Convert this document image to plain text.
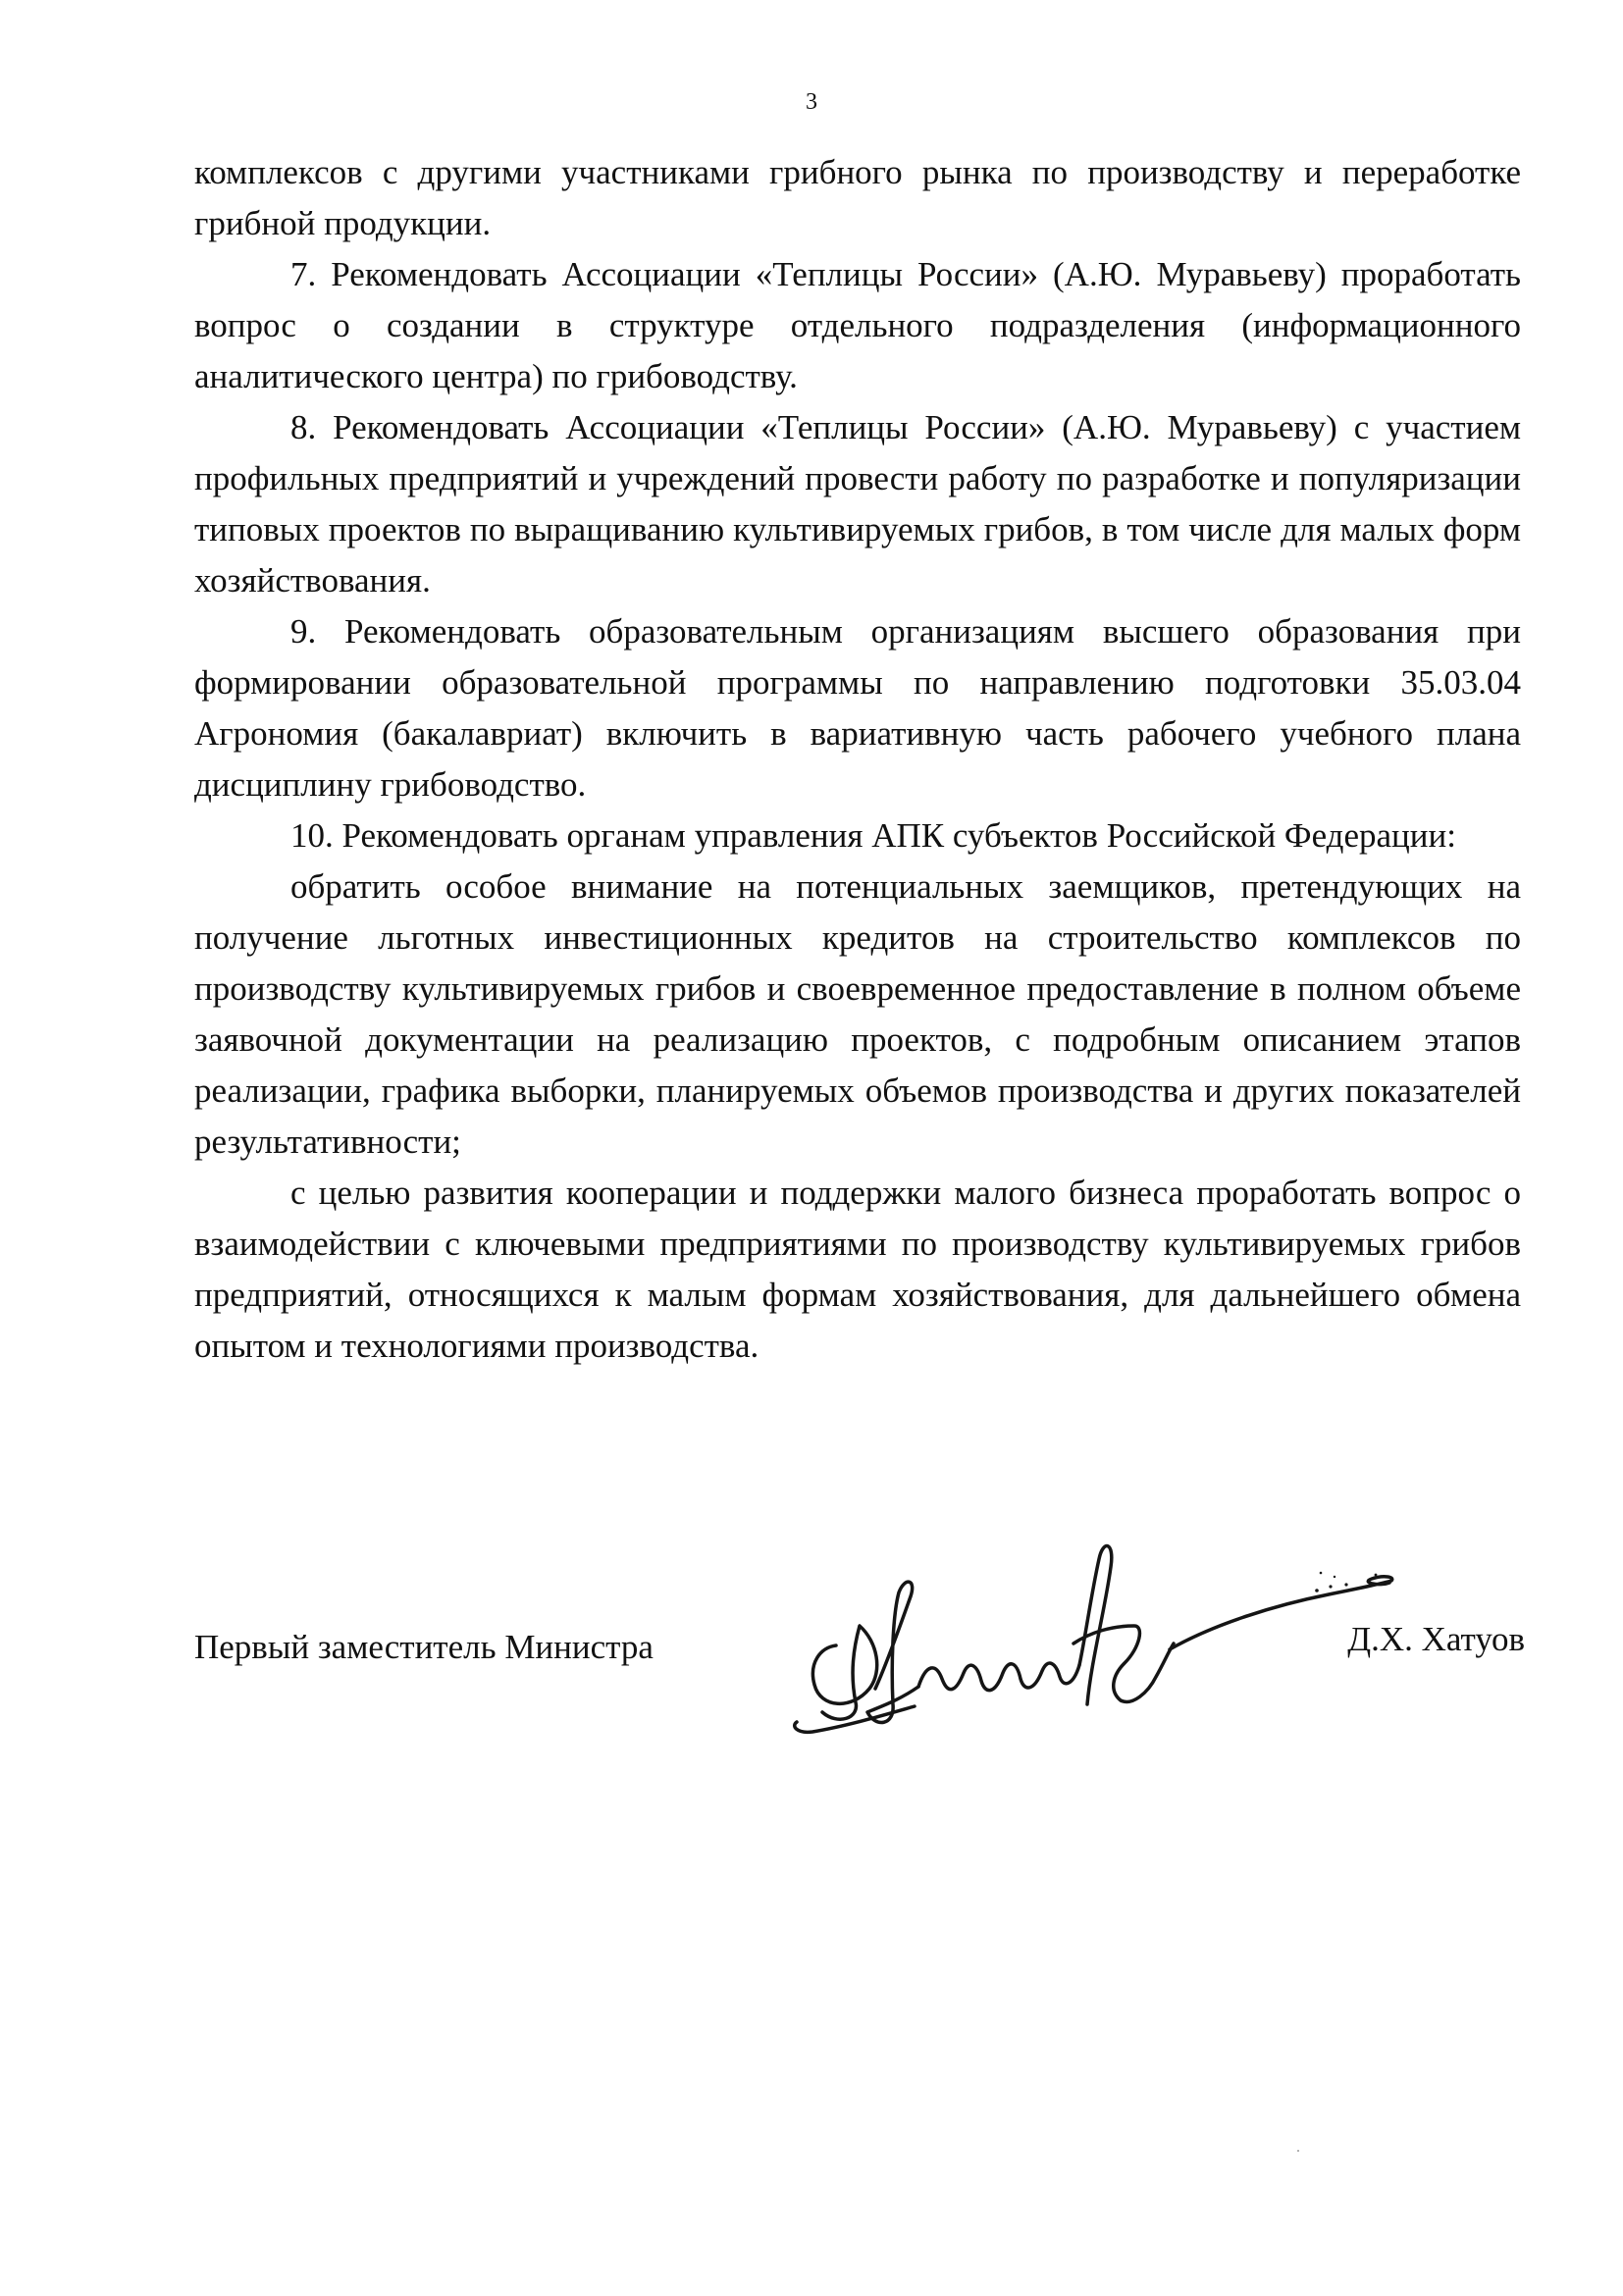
3

комплексов с другими участниками грибного рынка по производству и переработке грибной продукции.

7. Рекомендовать Ассоциации «Теплицы России» (А.Ю. Муравьеву) проработать вопрос о создании в структуре отдельного подразделения (информационного аналитического центра) по грибоводству.

8. Рекомендовать Ассоциации «Теплицы России» (А.Ю. Муравьеву) с участием профильных предприятий и учреждений провести работу по разработке и популяризации типовых проектов по выращиванию культивируемых грибов, в том числе для малых форм хозяйствования.

9. Рекомендовать образовательным организациям высшего образования при формировании образовательной программы по направлению подготовки 35.03.04 Агрономия (бакалавриат) включить в вариативную часть рабочего учебного плана дисциплину грибоводство.

10. Рекомендовать органам управления АПК субъектов Российской Федерации:

обратить особое внимание на потенциальных заемщиков, претендующих на получение льготных инвестиционных кредитов на строительство комплексов по производству культивируемых грибов и своевременное предоставление в полном объеме заявочной документации на реализацию проектов, с подробным описанием этапов реализации, графика выборки, планируемых объемов производства и других показателей результативности;

с целью развития кооперации и поддержки малого бизнеса проработать вопрос о взаимодействии с ключевыми предприятиями по производству культивируемых грибов предприятий, относящихся к малым формам хозяйствования, для дальнейшего обмена опытом и технологиями производства.

Первый заместитель Министра	Д.Х. Хатуов
